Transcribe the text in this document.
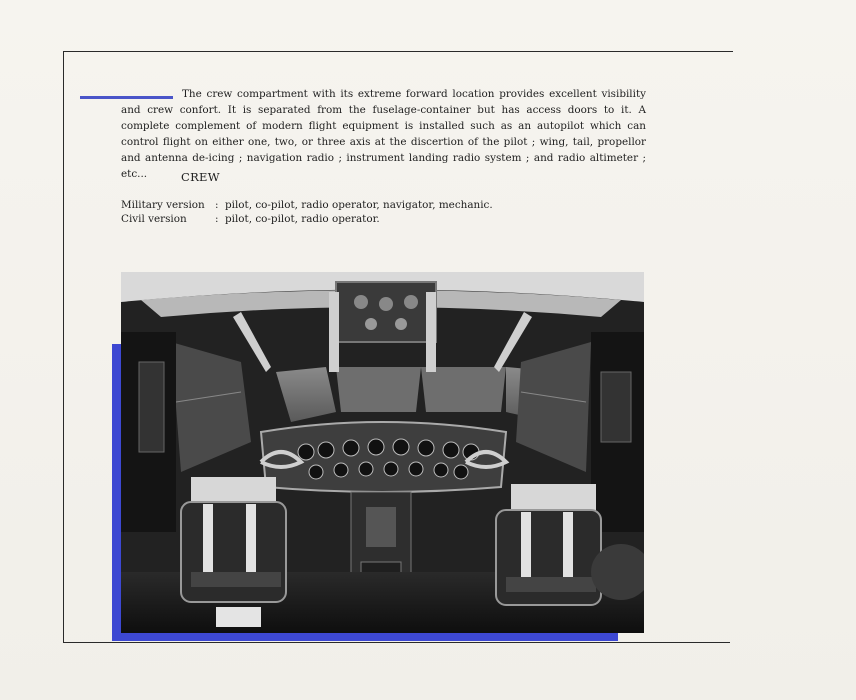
The crew compartment with its extreme forward location provides excellent visibility and crew confort. It is separated from the fuselage-container but has access doors to it. A complete complement of modern flight equipment is installed such as an autopilot which can control flight on either one, two, or three axis at the discertion of the pilot ; wing, tail, propellor and antenna de-icing ; navigation radio ; instrument landing radio system ; and radio altimeter ; etc...	CREW
Military version : pilot, co-pilot, radio operator, navigator, mechanic.
Civil version	: pilot, co-pilot, radio operator.
